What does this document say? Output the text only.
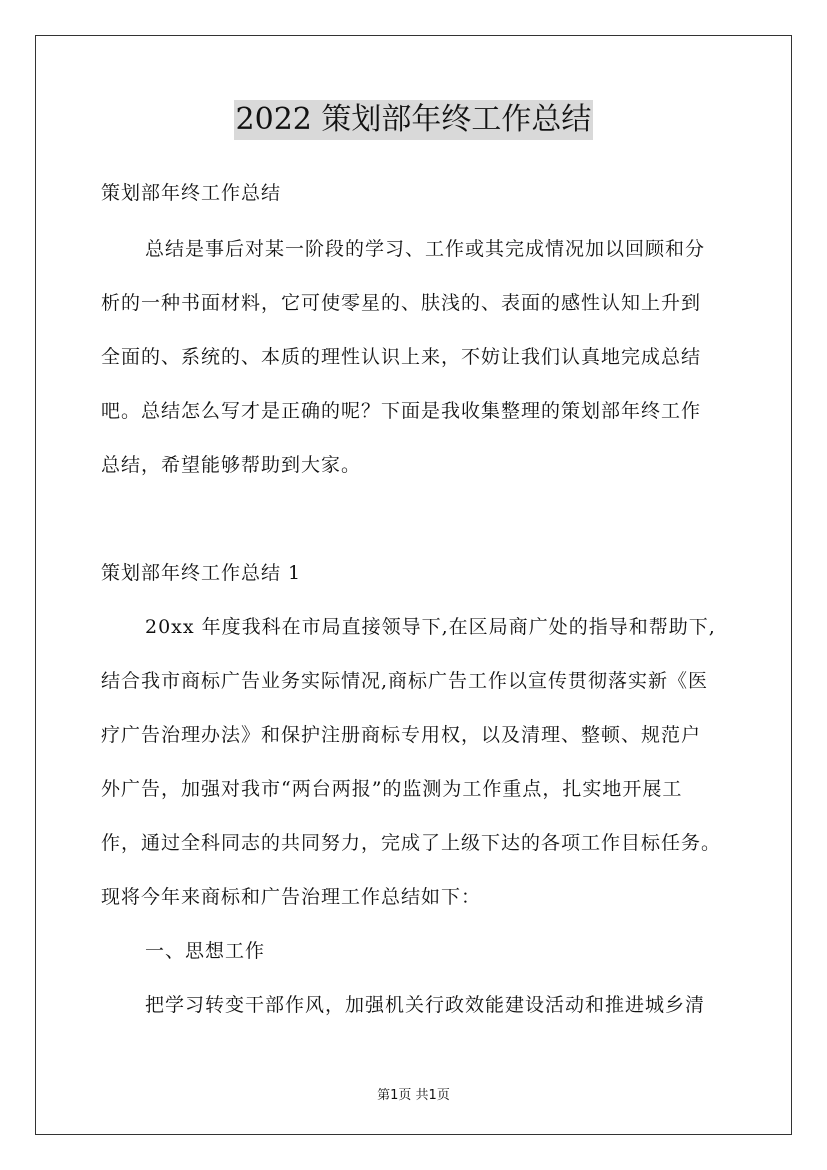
2022 策划部年终工作总结
策划部年终工作总结
总结是事后对某一阶段的学习、工作或其完成情况加以回顾和分
析的一种书面材料，它可使零星的、肤浅的、表面的感性认知上升到
全面的、系统的、本质的理性认识上来，不妨让我们认真地完成总结
吧。总结怎么写才是正确的呢？下面是我收集整理的策划部年终工作
总结，希望能够帮助到大家。
策划部年终工作总结 1
20xx 年度我科在市局直接领导下,在区局商广处的指导和帮助下,
结合我市商标广告业务实际情况,商标广告工作以宣传贯彻落实新《医
疗广告治理办法》和保护注册商标专用权，以及清理、整顿、规范户
外广告，加强对我市“两台两报”的监测为工作重点，扎实地开展工
作，通过全科同志的共同努力，完成了上级下达的各项工作目标任务。
现将今年来商标和广告治理工作总结如下：
一、思想工作
把学习转变干部作风，加强机关行政效能建设活动和推进城乡清
第1页 共1页
